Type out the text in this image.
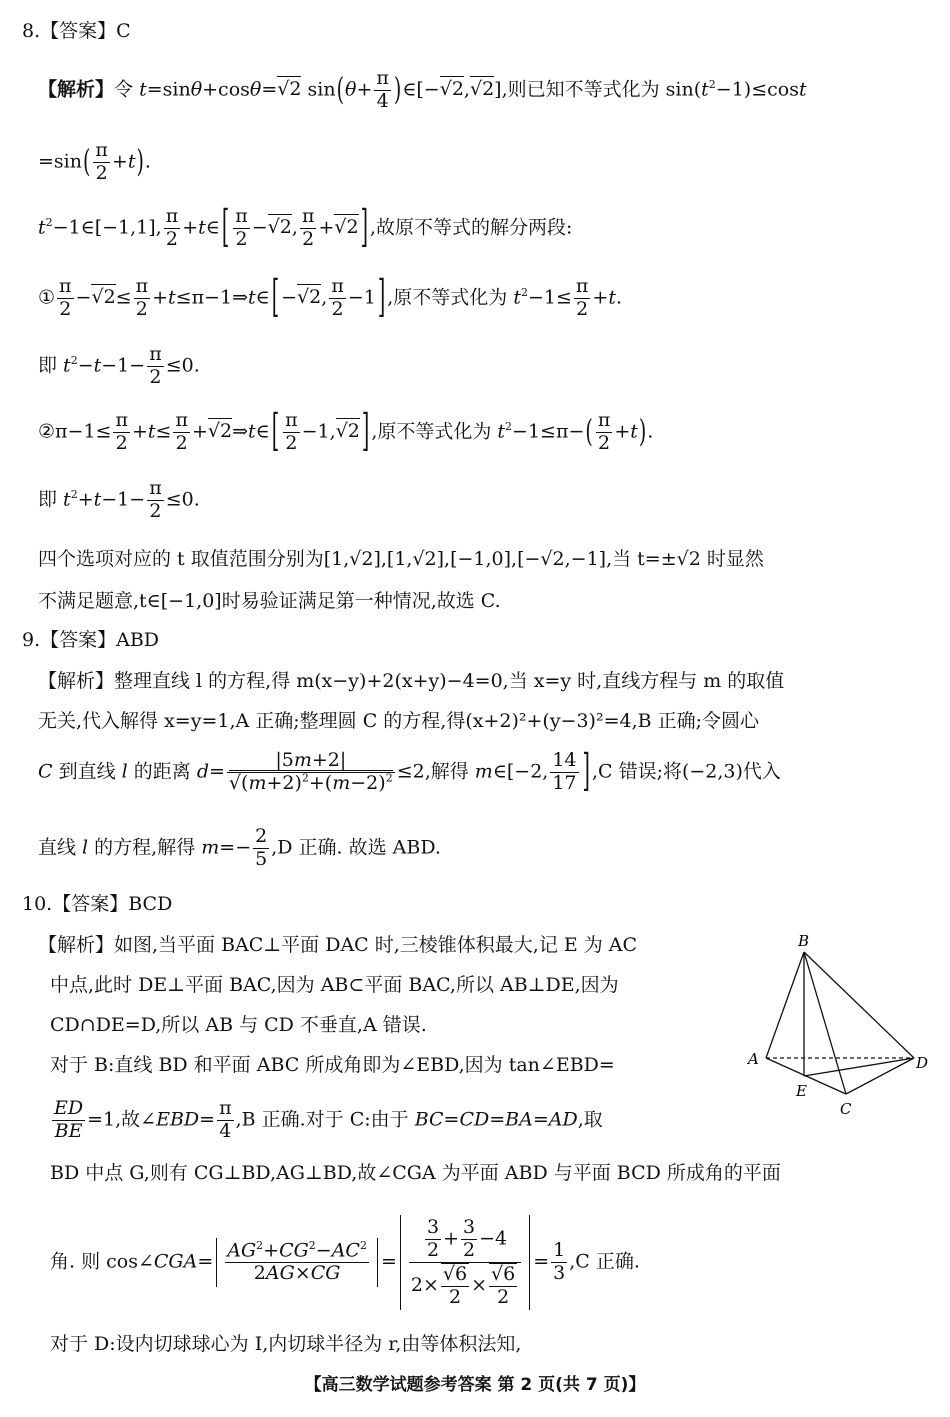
8.【答案】C
【解析】令 t=sinθ+cosθ=√2 $\sin(\theta+ \frac{\pi}{4}$ )∈[−√2,√2],则已知不等式化为 $\sin(t^2-1)\le\cos t$
$=\sin( \frac{\pi}{2} +t)$.
$t^2-1\in[-1,1]$, $\frac{\pi}{2}$ +t∈ [ $\frac{\pi}{2} -√2$, $\frac{\pi}{2} +√2$ ] ,故原不等式的解分两段:
① $\frac{\pi}{2} -√2\le \frac{\pi}{2}$ +t≤π−1⇒t∈ [ −√2, $\frac{\pi}{2} -1$ ] ,原不等式化为 $t^2-1\le \frac{\pi}{2} +t$.
即 $t^2-t-1- \frac{\pi}{2} \le 0$.
②π−1≤ $\frac{\pi}{2} +t\le \frac{\pi}{2}$ +√2⇒t∈ [ $\frac{\pi}{2} -1,√2$ ] ,原不等式化为 $t^2-1\le\pi-( \frac{\pi}{2} +t)$.
即 $t^2+t-1- \frac{\pi}{2} \le 0$.
四个选项对应的 t 取值范围分别为[1,√2],[1,√2],[−1,0],[−√2,−1],当 t=±√2 时显然
不满足题意,t∈[−1,0]时易验证满足第一种情况,故选 C.
9.【答案】ABD
【解析】整理直线 l 的方程,得 m(x−y)+2(x+y)−4=0,当 x=y 时,直线方程与 m 的取值
无关,代入解得 x=y=1,A 正确;整理圆 C 的方程,得(x+2)²+(y−3)²=4,B 正确;令圆心
C 到直线 l 的距离 $d= \frac{|5m+2|}{√(m+2)^2+(m-2)^2} \le 2$,解得 m∈[−2, $\frac{14}{17}$ ] ,C 错误;将(−2,3)代入
直线 l 的方程,解得 $m=- \frac{2}{5} ,D$ 正确. 故选 ABD.
10.【答案】BCD
【解析】如图,当平面 BAC⊥平面 DAC 时,三棱锥体积最大,记 E 为 AC
中点,此时 DE⊥平面 BAC,因为 AB⊂平面 BAC,所以 AB⊥DE,因为
CD∩DE=D,所以 AB 与 CD 不垂直,A 错误.
对于 B:直线 BD 和平面 ABC 所成角即为∠EBD,因为 tan∠EBD=
$\frac{ED}{BE} =1$,故∠EBD= $\frac{\pi}{4} ,B$ 正确.对于 C:由于 BC=CD=BA=AD,取
BD 中点 G,则有 CG⊥BD,AG⊥BD,故∠CGA 为平面 ABD 与平面 BCD 所成角的平面
角. 则 cos∠CGA= $\frac{AG^2+CG^2-AC^2}{2AG\times CG} = \frac{\frac{3}{2} + \frac{3}{2} -4}{2\times \frac{√6}{2} \times \frac{√6}{2}} = \frac{1}{3} ,C$ 正确.
对于 D:设内切球球心为 I,内切球半径为 r,由等体积法知,
B
A	D
E
C
【高三数学试题参考答案 第 2 页(共 7 页)】
